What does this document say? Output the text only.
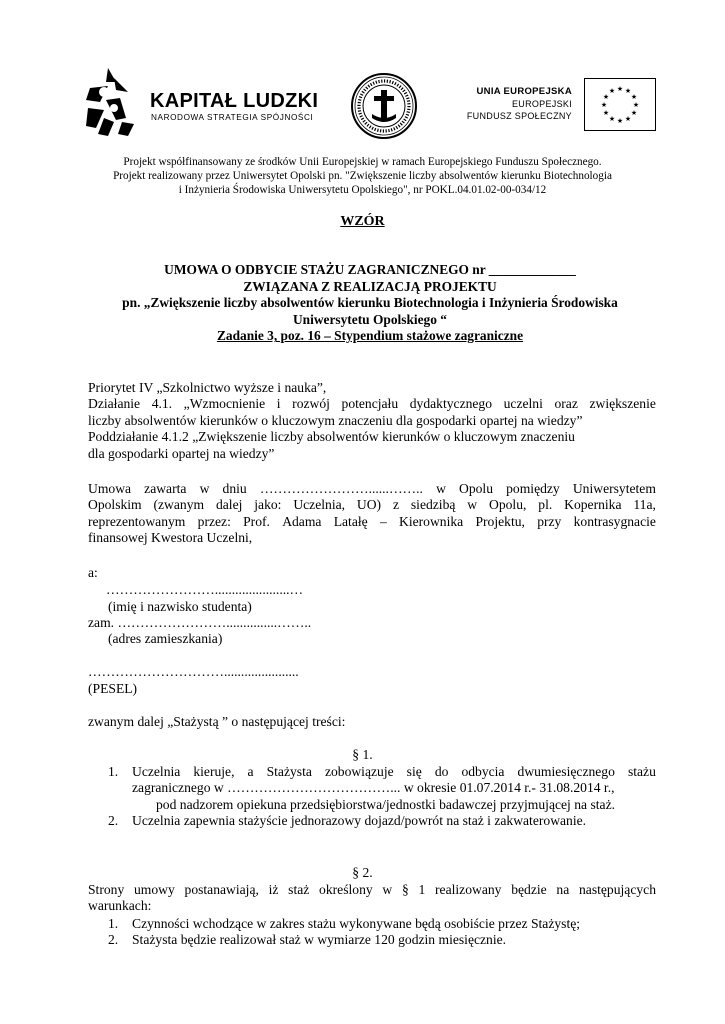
KAPITAŁ LUDZKI
NARODOWA STRATEGIA SPÓJNOŚCI
UNIA EUROPEJSKA
EUROPEJSKI
FUNDUSZ SPOŁECZNY
★ ★
★
★
★
★
★
★
★
★
★
★
Projekt współfinansowany ze środków Unii Europejskiej w ramach Europejskiego Funduszu Społecznego.
Projekt realizowany przez Uniwersytet Opolski pn. "Zwiększenie liczby absolwentów kierunku Biotechnologia
i Inżynieria Środowiska Uniwersytetu Opolskiego", nr POKL.04.01.02-00-034/12
WZÓR
UMOWA O ODBYCIE STAŻU ZAGRANICZNEGO nr _____________
ZWIĄZANA Z REALIZACJĄ PROJEKTU
pn. „Zwiększenie liczby absolwentów kierunku Biotechnologia i Inżynieria Środowiska
Uniwersytetu Opolskiego “
Zadanie 3, poz. 16 – Stypendium stażowe zagraniczne
Priorytet IV „Szkolnictwo wyższe i nauka”,
Działanie 4.1. „Wzmocnienie i rozwój potencjału dydaktycznego uczelni oraz zwiększenie
liczby absolwentów kierunków o kluczowym znaczeniu dla gospodarki opartej na wiedzy”
Poddziałanie 4.1.2 „Zwiększenie liczby absolwentów kierunków o kluczowym znaczeniu
dla gospodarki opartej na wiedzy”
Umowa zawarta w dniu ……………………......…….. w Opolu pomiędzy Uniwersytetem
Opolskim (zwanym dalej jako: Uczelnia, UO) z siedzibą w Opolu, pl. Kopernika 11a,
reprezentowanym przez: Prof. Adama Latałę – Kierownika Projektu, przy kontrasygnacie
finansowej Kwestora Uczelni,
a:
……………………......................…
(imię i nazwisko studenta)
zam. ……………………...............……..
(adres zamieszkania)
…………………………......................
(PESEL)
zwanym dalej „Stażystą ” o następującej treści:
§ 1.
1. Uczelnia kieruje, a Stażysta zobowiązuje się do odbycia dwumiesięcznego stażu
zagranicznego w ………………………………... w okresie 01.07.2014 r.- 31.08.2014 r.,
pod nadzorem opiekuna przedsiębiorstwa/jednostki badawczej przyjmującej na staż.
2. Uczelnia zapewnia stażyście jednorazowy dojazd/powrót na staż i zakwaterowanie.
§ 2.
Strony umowy postanawiają, iż staż określony w § 1 realizowany będzie na następujących
warunkach:
1. Czynności wchodzące w zakres stażu wykonywane będą osobiście przez Stażystę;
2. Stażysta będzie realizował staż w wymiarze 120 godzin miesięcznie.
